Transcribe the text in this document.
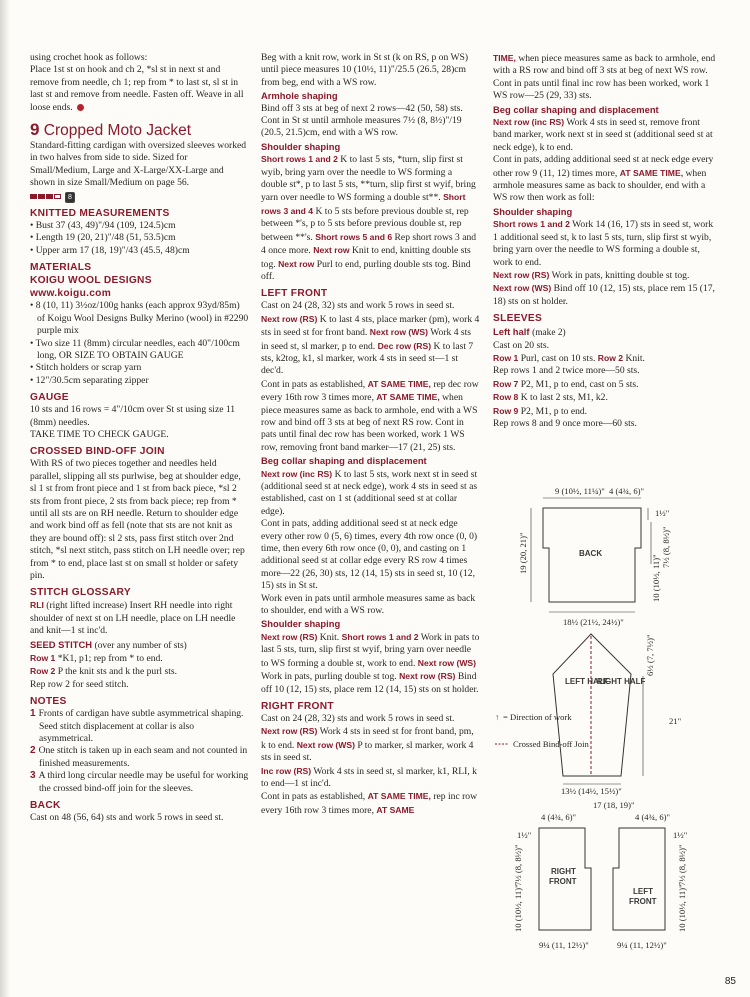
using crochet hook as follows:

Place 1st st on hook and ch 2, *sl st in next st and remove from needle, ch 1; rep from * to last st, sl st in last st and remove from needle. Fasten off. Weave in all loose ends.

9 Cropped Moto Jacket

Standard-fitting cardigan with oversized sleeves worked in two halves from side to side. Sized for Small/Medium, Large and X-Large/XX-Large and shown in size Small/Medium on page 56.

8
KNITTED MEASUREMENTS

• Bust 37 (43, 49)"/94 (109, 124.5)cm

• Length 19 (20, 21)"/48 (51, 53.5)cm

• Upper arm 17 (18, 19)"/43 (45.5, 48)cm

MATERIALS
KOIGU WOOL DESIGNS
www.koigu.com

• 8 (10, 11) 3½oz/100g hanks (each approx 93yd/85m) of Koigu Wool Designs Bulky Merino (wool) in #2290 purple mix

• Two size 11 (8mm) circular needles, each 40"/100cm long, OR SIZE TO OBTAIN GAUGE

• Stitch holders or scrap yarn

• 12"/30.5cm separating zipper

GAUGE

10 sts and 16 rows = 4"/10cm over St st using size 11 (8mm) needles.

TAKE TIME TO CHECK GAUGE.

CROSSED BIND-OFF JOIN

With RS of two pieces together and needles held parallel, slipping all sts purlwise, beg at shoulder edge, sl 1 st from front piece and 1 st from back piece, *sl 2 sts from front piece, 2 sts from back piece; rep from * until all sts are on RH needle. Return to shoulder edge and work bind off as fell (note that sts are not knit as they are bound off): sl 2 sts, pass first stitch over 2nd stitch, *sl next stitch, pass stitch on LH needle over; rep from * to end, place last st on small st holder or safety pin.

STITCH GLOSSARY

RLI (right lifted increase) Insert RH needle into right shoulder of next st on LH needle, place on LH needle and knit—1 st inc'd.

SEED STITCH (over any number of sts)

Row 1 *K1, p1; rep from * to end.

Row 2 P the knit sts and k the purl sts.

Rep row 2 for seed stitch.

NOTES

1 Fronts of cardigan have subtle asymmetrical shaping. Seed stitch displacement at collar is also asymmetrical.

2 One stitch is taken up in each seam and not counted in finished measurements.

3 A third long circular needle may be useful for working the crossed bind-off join for the sleeves.

BACK

Cast on 48 (56, 64) sts and work 5 rows in seed st.

Beg with a knit row, work in St st (k on RS, p on WS) until piece measures 10 (10½, 11)"/25.5 (26.5, 28)cm from beg, end with a WS row.

Armhole shaping

Bind off 3 sts at beg of next 2 rows—42 (50, 58) sts. Cont in St st until armhole measures 7½ (8, 8½)"/19 (20.5, 21.5)cm, end with a WS row.

Shoulder shaping

Short rows 1 and 2 K to last 5 sts, *turn, slip first st wyib, bring yarn over the needle to WS forming a double st*, p to last 5 sts, **turn, slip first st wyif, bring yarn over needle to WS forming a double st**. Short rows 3 and 4 K to 5 sts before previous double st, rep between *'s, p to 5 sts before previous double st, rep between **'s. Short rows 5 and 6 Rep short rows 3 and 4 once more. Next row Knit to end, knitting double sts tog. Next row Purl to end, purling double sts tog. Bind off.

LEFT FRONT

Cast on 24 (28, 32) sts and work 5 rows in seed st.

Next row (RS) K to last 4 sts, place marker (pm), work 4 sts in seed st for front band. Next row (WS) Work 4 sts in seed st, sl marker, p to end. Dec row (RS) K to last 7 sts, k2tog, k1, sl marker, work 4 sts in seed st—1 st dec'd.

Cont in pats as established, AT SAME TIME, rep dec row every 16th row 3 times more, AT SAME TIME, when piece measures same as back to armhole, end with a WS row and bind off 3 sts at beg of next RS row. Cont in pats until final dec row has been worked, work 1 WS row, removing front band marker—17 (21, 25) sts.

Beg collar shaping and displacement

Next row (inc RS) K to last 5 sts, work next st in seed st (additional seed st at neck edge), work 4 sts in seed st as established, cast on 1 st (additional seed st at collar edge).

Cont in pats, adding additional seed st at neck edge every other row 0 (5, 6) times, every 4th row once (0, 0) time, then every 6th row once (0, 0), and casting on 1 additional seed st at collar edge every RS row 4 times more—22 (26, 30) sts, 12 (14, 15) sts in seed st, 10 (12, 15) sts in St st.

Work even in pats until armhole measures same as back to shoulder, end with a WS row.

Shoulder shaping

Next row (RS) Knit. Short rows 1 and 2 Work in pats to last 5 sts, turn, slip first st wyif, bring yarn over needle to WS forming a double st, work to end. Next row (WS) Work in pats, purling double st tog. Next row (RS) Bind off 10 (12, 15) sts, place rem 12 (14, 15) sts on st holder.

RIGHT FRONT

Cast on 24 (28, 32) sts and work 5 rows in seed st.

Next row (RS) Work 4 sts in seed st for front band, pm, k to end. Next row (WS) P to marker, sl marker, work 4 sts in seed st.

Inc row (RS) Work 4 sts in seed st, sl marker, k1, RLI, k to end—1 st inc'd.

Cont in pats as established, AT SAME TIME, rep inc row every 16th row 3 times more, AT SAME

TIME, when piece measures same as back to armhole, end with a RS row and bind off 3 sts at beg of next WS row. Cont in pats until final inc row has been worked, work 1 WS row—25 (29, 33) sts.

Beg collar shaping and displacement

Next row (inc RS) Work 4 sts in seed st, remove front band marker, work next st in seed st (additional seed st at neck edge), k to end.

Cont in pats, adding additional seed st at neck edge every other row 9 (11, 12) times more, AT SAME TIME, when armhole measures same as back to shoulder, end with a WS row then work as foll:

Shoulder shaping

Short rows 1 and 2 Work 14 (16, 17) sts in seed st, work 1 additional seed st, k to last 5 sts, turn, slip first st wyib, bring yarn over the needle to WS forming a double st, work to end.

Next row (RS) Work in pats, knitting double st tog.

Next row (WS) Bind off 10 (12, 15) sts, place rem 15 (17, 18) sts on st holder.

SLEEVES
Left half (make 2)

Cast on 20 sts.

Row 1 Purl, cast on 10 sts. Row 2 Knit.

Rep rows 1 and 2 twice more—50 sts.

Row 7 P2, M1, p to end, cast on 5 sts.

Row 8 K to last 2 sts, M1, k2.

Row 9 P2, M1, p to end.

Rep rows 8 and 9 once more—60 sts.

9 (10½, 11¼)" 4 (4¾, 6)"
1½"
19 (20, 21)"	7½ (8, 8½)"
10 (10½, 11)"
BACK
18½ (21½, 24½)"
LEFT HALF
RIGHT HALF
6½ (7, 7½)"
21"
↑ = Direction of work
Crossed Bind-off Join
13½ (14½, 15½)"
17 (18, 19)"
4 (4¾, 6)"
1½"
7½ (8, 8½)"
10 (10½, 11)"
RIGHT
FRONT
9¼ (11, 12½)"
4 (4¾, 6)"
1½"
7½ (8, 8½)"
10 (10½, 11)"
LEFT
FRONT
9¼ (11, 12½)"
85
